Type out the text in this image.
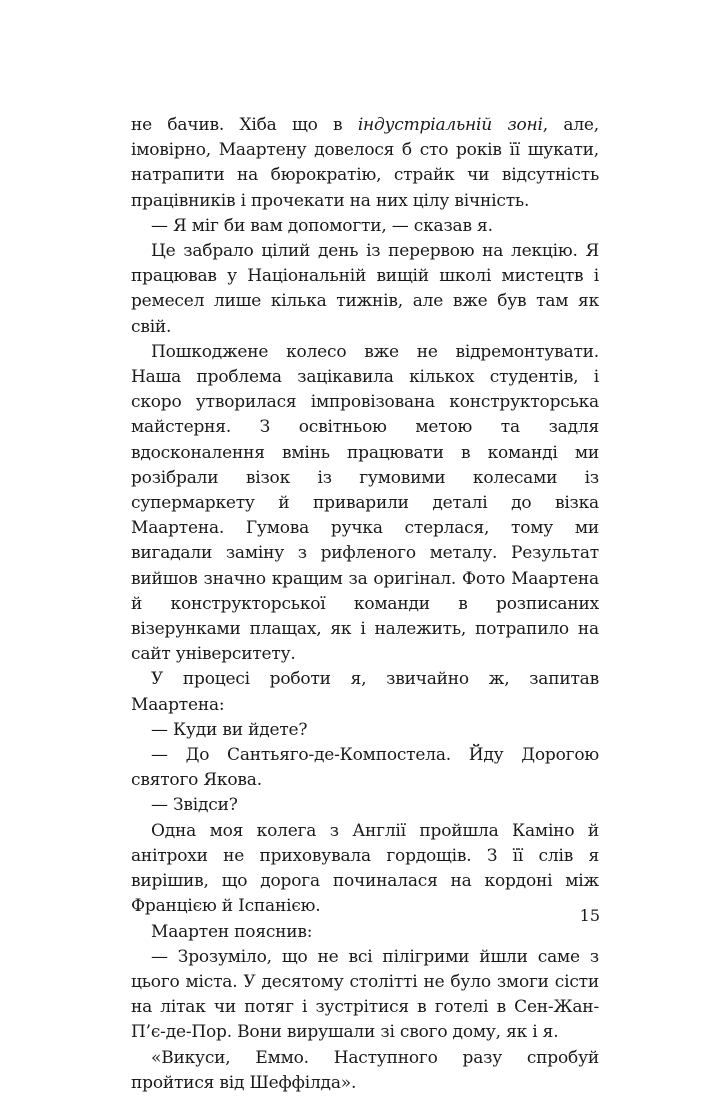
не бачив. Хіба що в індустріальній зоні, але, імовірно, Маартену довелося б сто років її шукати, натрапити на бюрократію, страйк чи відсутність працівників і прочекати на них цілу вічність.

— Я міг би вам допомогти, — сказав я.

Це забрало цілий день із перервою на лекцію. Я працював у Національній вищій школі мистецтв і ремесел лише кілька тижнів, але вже був там як свій.

Пошкоджене колесо вже не відремонтувати. Наша проблема зацікавила кількох студентів, і скоро утворилася імпровізована конструкторська майстерня. З освітньою метою та задля вдосконалення вмінь працювати в команді ми розібрали візок із гумовими колесами із супермаркету й приварили деталі до візка Маартена. Гумова ручка стерлася, тому ми вигадали заміну з рифленого металу. Результат вийшов значно кращим за оригінал. Фото Маартена й конструкторської команди в розписаних візерунками плащах, як і належить, потрапило на сайт університету.

У процесі роботи я, звичайно ж, запитав Маартена:

— Куди ви йдете?

— До Сантьяго-де-Компостела. Йду Дорогою святого Якова.

— Звідси?

Одна моя колега з Англії пройшла Каміно й анітрохи не приховувала гордощів. З її слів я вирішив, що дорога починалася на кордоні між Францією й Іспанією.

Маартен пояснив:

— Зрозуміло, що не всі пілігрими йшли саме з цього міста. У десятому столітті не було змоги сісти на літак чи потяг і зустрітися в готелі в Сен-Жан-П’є-де-Пор. Вони вирушали зі свого дому, як і я.

«Викуси, Еммо. Наступного разу спробуй пройтися від Шеффілда».

15
